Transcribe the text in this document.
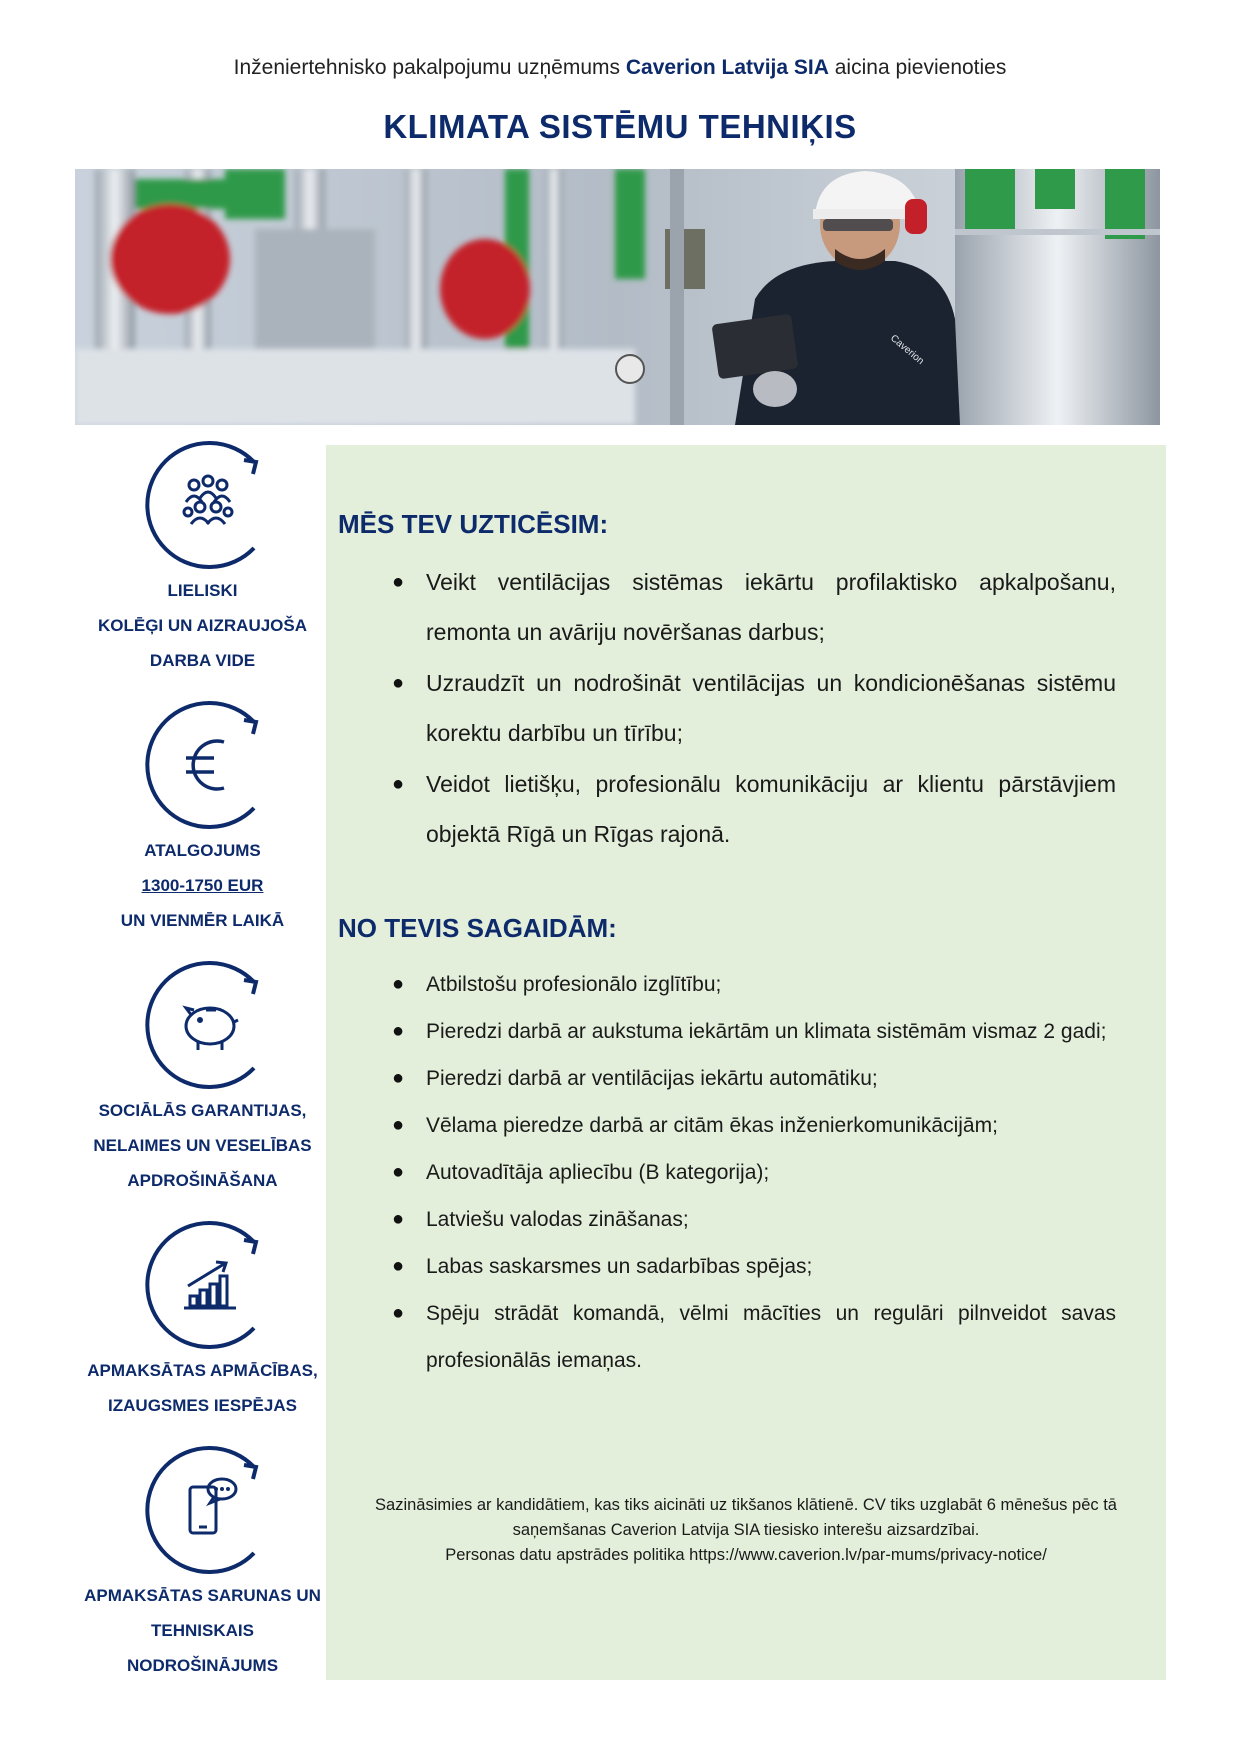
Inženiertehnisko pakalpojumu uzņēmums Caverion Latvija SIA aicina pievienoties
KLIMATA SISTĒMU TEHNIĶIS
Caverion
LIELISKI
KOLĒĢI UN AIZRAUJOŠA
DARBA VIDE
ATALGOJUMS
1300-1750 EUR
UN VIENMĒR LAIKĀ
SOCIĀLĀS GARANTIJAS,
NELAIMES UN VESELĪBAS
APDROŠINĀŠANA
APMAKSĀTAS APMĀCĪBAS,
IZAUGSMES IESPĒJAS
APMAKSĀTAS SARUNAS UN
TEHNISKAIS
NODROŠINĀJUMS
MĒS TEV UZTICĒSIM:
● Veikt ventilācijas sistēmas iekārtu profilaktisko apkalpošanu, remonta un avāriju novēršanas darbus;
● Uzraudzīt un nodrošināt ventilācijas un kondicionēšanas sistēmu korektu darbību un tīrību;
● Veidot lietišķu, profesionālu komunikāciju ar klientu pārstāvjiem objektā Rīgā un Rīgas rajonā.
NO TEVIS SAGAIDĀM:
● Atbilstošu profesionālo izglītību;
● Pieredzi darbā ar aukstuma iekārtām un klimata sistēmām vismaz 2 gadi;
● Pieredzi darbā ar ventilācijas iekārtu automātiku;
● Vēlama pieredze darbā ar citām ēkas inženierkomunikācijām;
● Autovadītāja apliecību (B kategorija);
● Latviešu valodas zināšanas;
● Labas saskarsmes un sadarbības spējas;
● Spēju strādāt komandā, vēlmi mācīties un regulāri pilnveidot savas profesionālās iemaņas.
Sazināsimies ar kandidātiem, kas tiks aicināti uz tikšanos klātienē. CV tiks uzglabāt 6 mēnešus pēc tā
saņemšanas Caverion Latvija SIA tiesisko interešu aizsardzībai.
Personas datu apstrādes politika https://www.caverion.lv/par-mums/privacy-notice/
